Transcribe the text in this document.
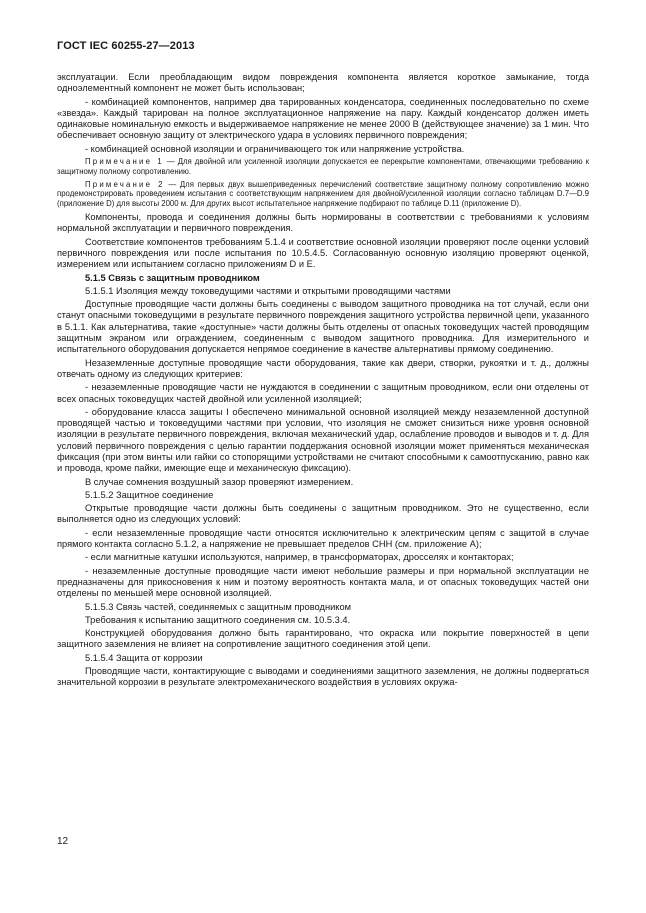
ГОСТ IEC 60255-27—2013

эксплуатации. Если преобладающим видом повреждения компонента является короткое замыкание, тогда одноэлементный компонент не может быть использован;

- комбинацией компонентов, например два тарированных конденсатора, соединенных последовательно по схеме «звезда». Каждый тарирован на полное эксплуатационное напряжение на пару. Каждый конденсатор должен иметь одинаковые номинальную емкость и выдерживаемое напряжение не менее 2000 В (действующее значение) за 1 мин. Что обеспечивает основную защиту от электрического удара в условиях первичного повреждения;

- комбинацией основной изоляции и ограничивающего ток или напряжение устройства.

Примечание 1 — Для двойной или усиленной изоляции допускается ее перекрытие компонентами, отвечающими требованию к защитному полному сопротивлению.

Примечание 2 — Для первых двух вышеприведенных перечислений соответствие защитному полному сопротивлению можно продемонстрировать проведением испытания с соответствующим напряжением для двойной/усиленной изоляции согласно таблицам D.7—D.9 (приложение D) для высоты 2000 м. Для других высот испытательное напряжение подбирают по таблице D.11 (приложение D).

Компоненты, провода и соединения должны быть нормированы в соответствии с требованиями к условиям нормальной эксплуатации и первичного повреждения.

Соответствие компонентов требованиям 5.1.4 и соответствие основной изоляции проверяют после оценки условий первичного повреждения или после испытания по 10.5.4.5. Согласованную основную изоляцию проверяют оценкой, измерением или испытанием согласно приложениям D и Е.

5.1.5 Связь с защитным проводником

5.1.5.1 Изоляция между токоведущими частями и открытыми проводящими частями

Доступные проводящие части должны быть соединены с выводом защитного проводника на тот случай, если они станут опасными токоведущими в результате первичного повреждения защитного устройства первичной цепи, указанного в 5.1.1. Как альтернатива, такие «доступные» части должны быть отделены от опасных токоведущих частей проводящим защитным экраном или ограждением, соединенным с выводом защитного проводника. Для измерительного и испытательного оборудования допускается непрямое соединение в качестве альтернативы прямому соединению.

Незаземленные доступные проводящие части оборудования, такие как двери, створки, рукоятки и т. д., должны отвечать одному из следующих критериев:

- незаземленные проводящие части не нуждаются в соединении с защитным проводником, если они отделены от всех опасных токоведущих частей двойной или усиленной изоляцией;

- оборудование класса защиты I обеспечено минимальной основной изоляцией между незаземленной доступной проводящей частью и токоведущими частями при условии, что изоляция не сможет снизиться ниже уровня основной изоляции в результате первичного повреждения, включая механический удар, ослабление проводов и выводов и т. д. Для условий первичного повреждения с целью гарантии поддержания основной изоляции может применяться механическая фиксация (при этом винты или гайки со стопорящими устройствами не считают способными к самоотпусканию, равно как и провода, кроме пайки, имеющие еще и механическую фиксацию).

В случае сомнения воздушный зазор проверяют измерением.

5.1.5.2 Защитное соединение

Открытые проводящие части должны быть соединены с защитным проводником. Это не существенно, если выполняется одно из следующих условий:

- если незаземленные проводящие части относятся исключительно к электрическим цепям с защитой в случае прямого контакта согласно 5.1.2, а напряжение не превышает пределов СНН (см. приложение А);

- если магнитные катушки используются, например, в трансформаторах, дросселях и контакторах;

- незаземленные доступные проводящие части имеют небольшие размеры и при нормальной эксплуатации не предназначены для прикосновения к ним и поэтому вероятность контакта мала, и от опасных токоведущих частей они отделены по меньшей мере основной изоляцией.

5.1.5.3 Связь частей, соединяемых с защитным проводником

Требования к испытанию защитного соединения см. 10.5.3.4.

Конструкцией оборудования должно быть гарантировано, что окраска или покрытие поверхностей в цепи защитного заземления не влияет на сопротивление защитного соединения этой цепи.

5.1.5.4 Защита от коррозии

Проводящие части, контактирующие с выводами и соединениями защитного заземления, не должны подвергаться значительной коррозии в результате электромеханического воздействия в условиях окружа-

12
